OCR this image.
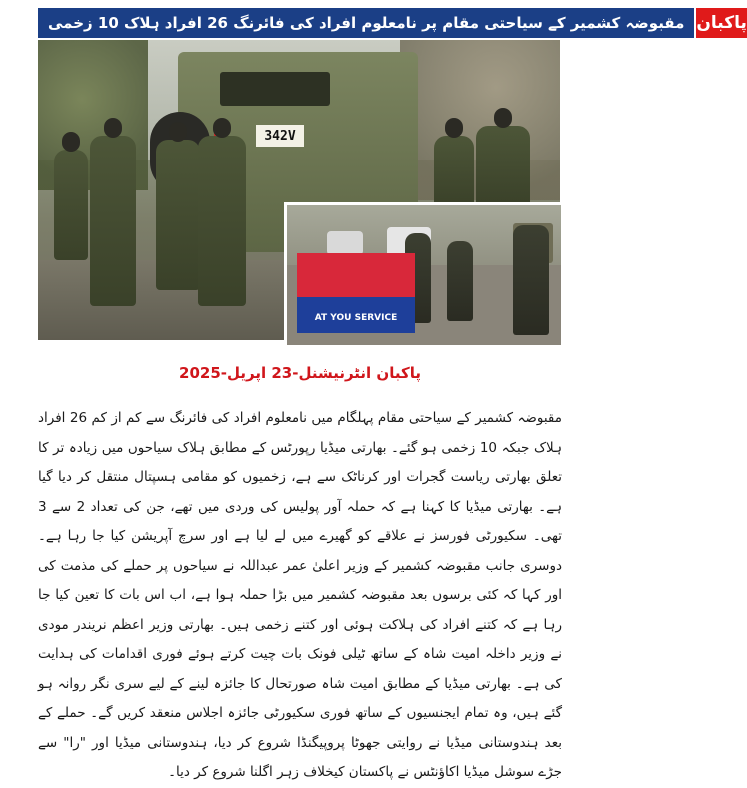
مقبوضہ کشمیر کے سیاحتی مقام پر نامعلوم افراد کی فائرنگ 26 افراد ہلاک 10 زخمی پاکبان
342V
AT YOU SERVICE
پاکبان انٹرنیشنل-23 اپریل-2025
مقبوضہ کشمیر کے سیاحتی مقام پہلگام میں نامعلوم افراد کی فائرنگ سے کم از کم 26 افراد ہلاک جبکہ 10 زخمی ہو گئے۔ بھارتی میڈیا رپورٹس کے مطابق ہلاک سیاحوں میں زیادہ تر کا تعلق بھارتی ریاست گجرات اور کرناٹک سے ہے، زخمیوں کو مقامی ہسپتال منتقل کر دیا گیا ہے۔ بھارتی میڈیا کا کہنا ہے کہ حملہ آور پولیس کی وردی میں تھے، جن کی تعداد 2 سے 3 تھی۔ سکیورٹی فورسز نے علاقے کو گھیرے میں لے لیا ہے اور سرچ آپریشن کیا جا رہا ہے۔ دوسری جانب مقبوضہ کشمیر کے وزیر اعلیٰ عمر عبداللہ نے سیاحوں پر حملے کی مذمت کی اور کہا کہ کئی برسوں بعد مقبوضہ کشمیر میں بڑا حملہ ہوا ہے، اب اس بات کا تعین کیا جا رہا ہے کہ کتنے افراد کی ہلاکت ہوئی اور کتنے زخمی ہیں۔ بھارتی وزیر اعظم نریندر مودی نے وزیر داخلہ امیت شاہ کے ساتھ ٹیلی فونک بات چیت کرتے ہوئے فوری اقدامات کی ہدایت کی ہے۔ بھارتی میڈیا کے مطابق امیت شاہ صورتحال کا جائزہ لینے کے لیے سری نگر روانہ ہو گئے ہیں، وہ تمام ایجنسیوں کے ساتھ فوری سکیورٹی جائزہ اجلاس منعقد کریں گے۔ حملے کے بعد ہندوستانی میڈیا نے روایتی جھوٹا پروپیگنڈا شروع کر دیا، ہندوستانی میڈیا اور "را" سے جڑے سوشل میڈیا اکاؤنٹس نے پاکستان کیخلاف زہر اگلنا شروع کر دیا۔
